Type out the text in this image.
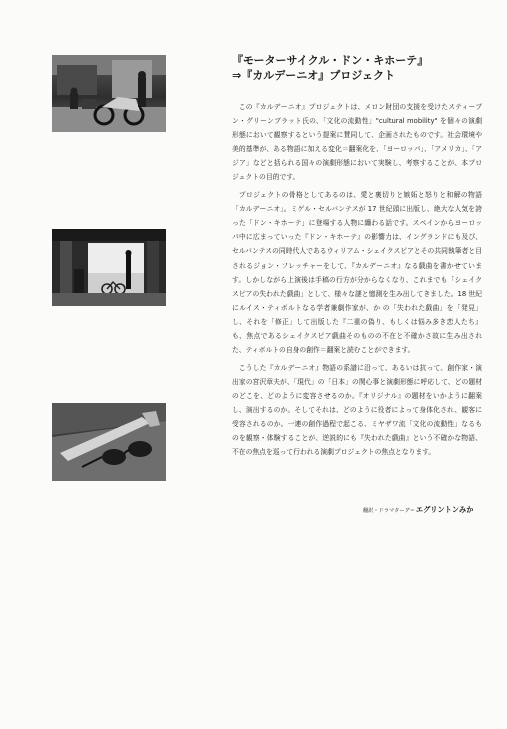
『モーターサイクル・ドン・キホーテ』
⇒『カルデーニオ』プロジェクト

この『カルデーニオ』プロジェクトは、メロン財団の支援を受けたスティーブン・グリーンブラット氏の、「文化の流動性」"cultural mobility" を個々の演劇形態において観察するという提案に賛同して、企画されたものです。社会環境や美的基準が、ある物語に加える変化＝翻案化を、「ヨーロッパ」、「アメリカ」、「アジア」などと括られる国々の演劇形態において実験し、考察することが、本プロジェクトの目的です。

プロジェクトの骨格としてあるのは、愛と裏切りと嫉妬と怒りと和解の物語「カルデーニオ」。ミゲル・セルバンテスが 17 世紀頭に出版し、絶大な人気を誇った「ドン・キホーテ」に登場する人物に纏わる話です。スペインからヨーロッパ中に広まっていった『ドン・キホーテ』の影響力は、イングランドにも及び、セルバンテスの同時代人であるウィリアム・シェイクスピアとその共同執筆者と目されるジョン・フレッチャーをして、『カルデーニオ』なる戯曲を書かせています。しかしながら上演後は手稿の行方が分からなくなり、これまでも「シェイクスピアの失われた戯曲」として、様々な謎と憶測を生み出してきました。18 世紀にルイス・ティボルトなる学者兼劇作家が、か の「失われた戯曲」を「発見」し、それを「修正」して出版した『二重の偽り、もしくは悩み多き恋人たち』も、焦点であるシェイクスピア戯曲そのものの不在と不確かさ故に生み出された、ティボルトの自身の創作＝翻案と読むことができます。

こうした『カルデーニオ』物語の系譜に沿って、あるいは抗って、創作家・演出家の宮沢章夫が、「現代」の「日本」の関心事と演劇形態に呼応して、どの題材のどこを、どのように変容させるのか。『オリジナル』の題材をいかように翻案し、演出するのか。そしてそれは、どのように役者によって身体化され、観客に受容されるのか。一連の創作過程で起こる、ミヤザワ流「文化の流動性」なるものを観察・体験することが、逆説的にも『失われた戯曲』という不確かな物語、不在の焦点を巡って行われる演劇プロジェクトの焦点となります。

翻訳・ドラマターグ＝エグリントンみか
